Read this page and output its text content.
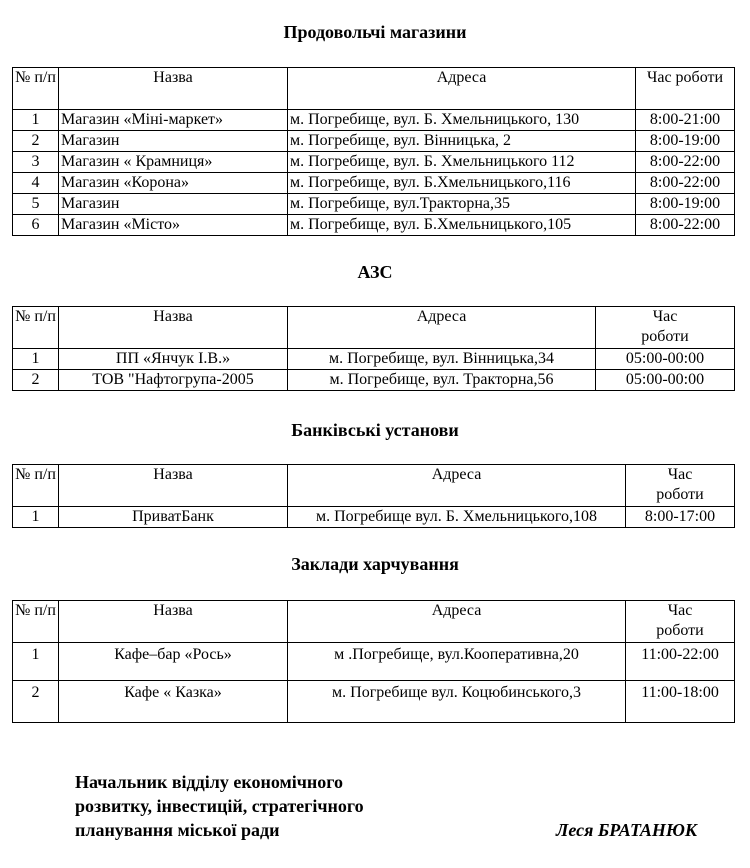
Продовольчі магазини
№ п/п	Назва	Адреса	Час роботи
1	Магазин «Міні-маркет»	м. Погребище, вул. Б. Хмельницького, 130	8:00-21:00
2	Магазин	м. Погребище, вул. Вінницька, 2	8:00-19:00
3	Магазин « Крамниця»	м. Погребище, вул. Б. Хмельницького 112	8:00-22:00
4	Магазин «Корона»	м. Погребище, вул. Б.Хмельницького,116	8:00-22:00
5	Магазин	м. Погребище, вул.Тракторна,35	8:00-19:00
6	Магазин «Місто»	м. Погребище, вул. Б.Хмельницького,105	8:00-22:00
АЗС
№ п/п	Назва	Адреса	Час роботи
1	ПП «Янчук І.В.»	м. Погребище, вул. Вінницька,34	05:00-00:00
2	ТОВ "Нафтогрупа-2005	м. Погребище, вул. Тракторна,56	05:00-00:00
Банківські установи
№ п/п	Назва	Адреса	Час роботи
1	ПриватБанк	м. Погребище вул. Б. Хмельницького,108	8:00-17:00
Заклади харчування
№ п/п	Назва	Адреса	Час роботи
1	Кафе–бар «Рось»	м .Погребище, вул.Кооперативна,20	11:00-22:00
2	Кафе « Казка»	м. Погребище вул. Коцюбинського,3	11:00-18:00
Начальник відділу економічного
розвитку, інвестицій, стратегічного
планування міської ради	Леся БРАТАНЮК
